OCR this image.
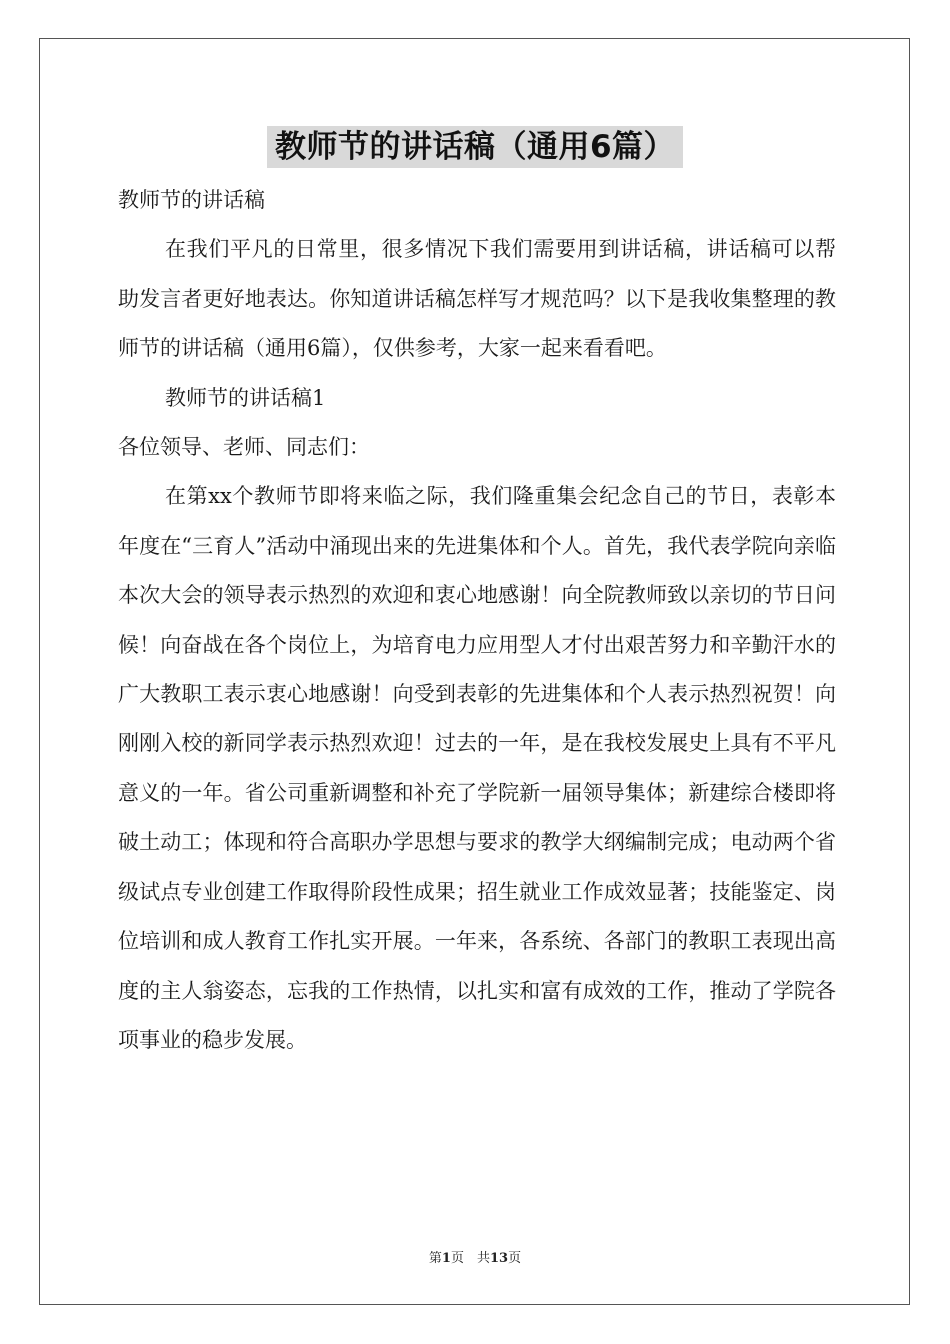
教师节的讲话稿（通用6篇）

教师节的讲话稿

在我们平凡的日常里，很多情况下我们需要用到讲话稿，讲话稿可以帮助发言者更好地表达。你知道讲话稿怎样写才规范吗？以下是我收集整理的教师节的讲话稿（通用6篇），仅供参考，大家一起来看看吧。

教师节的讲话稿1

各位领导、老师、同志们：

在第xx个教师节即将来临之际，我们隆重集会纪念自己的节日，表彰本年度在“三育人”活动中涌现出来的先进集体和个人。首先，我代表学院向亲临本次大会的领导表示热烈的欢迎和衷心地感谢！向全院教师致以亲切的节日问候！向奋战在各个岗位上，为培育电力应用型人才付出艰苦努力和辛勤汗水的广大教职工表示衷心地感谢！向受到表彰的先进集体和个人表示热烈祝贺！向刚刚入校的新同学表示热烈欢迎！过去的一年，是在我校发展史上具有不平凡意义的一年。省公司重新调整和补充了学院新一届领导集体；新建综合楼即将破土动工；体现和符合高职办学思想与要求的教学大纲编制完成；电动两个省级试点专业创建工作取得阶段性成果；招生就业工作成效显著；技能鉴定、岗位培训和成人教育工作扎实开展。一年来，各系统、各部门的教职工表现出高度的主人翁姿态，忘我的工作热情，以扎实和富有成效的工作，推动了学院各项事业的稳步发展。

第1页　共13页
